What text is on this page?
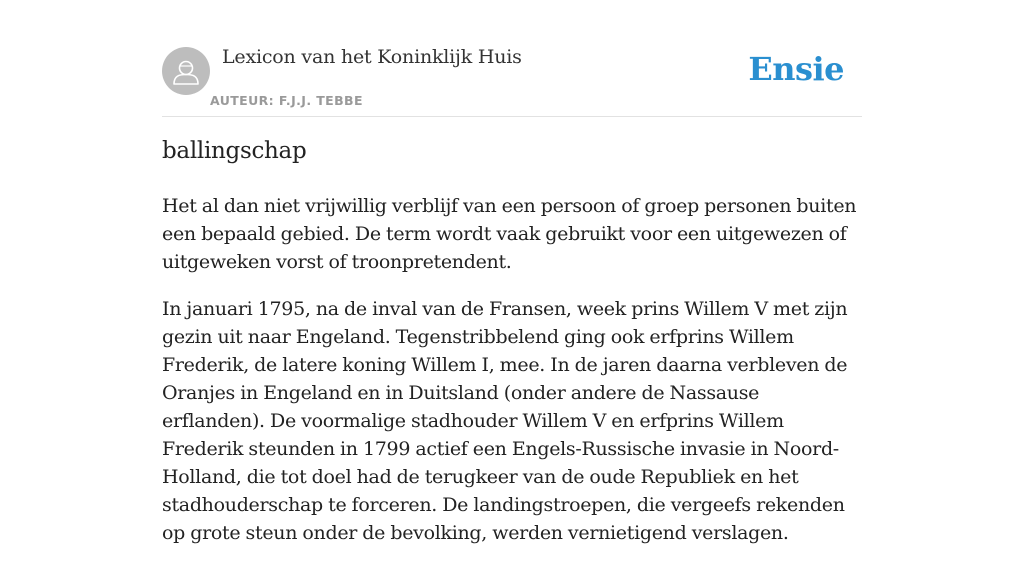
Lexicon van het Koninklijk Huis
AUTEUR: F.J.J. TEBBE
Ensie
ballingschap

Het al dan niet vrijwillig verblijf van een persoon of groep personen buiten een bepaald gebied. De term wordt vaak gebruikt voor een uitgewezen of uitgeweken vorst of troonpretendent.

In januari 1795, na de inval van de Fransen, week prins Willem V met zijn gezin uit naar Engeland. Tegenstribbelend ging ook erfprins Willem Frederik, de latere koning Willem I, mee. In de jaren daarna verbleven de Oranjes in Engeland en in Duitsland (onder andere de Nassause erflanden). De voormalige stadhouder Willem V en erfprins Willem Frederik steunden in 1799 actief een Engels-Russische invasie in Noord-Holland, die tot doel had de terugkeer van de oude Republiek en het stadhouderschap te forceren. De landingstroepen, die vergeefs rekenden op grote steun onder de bevolking, werden vernietigend verslagen.
